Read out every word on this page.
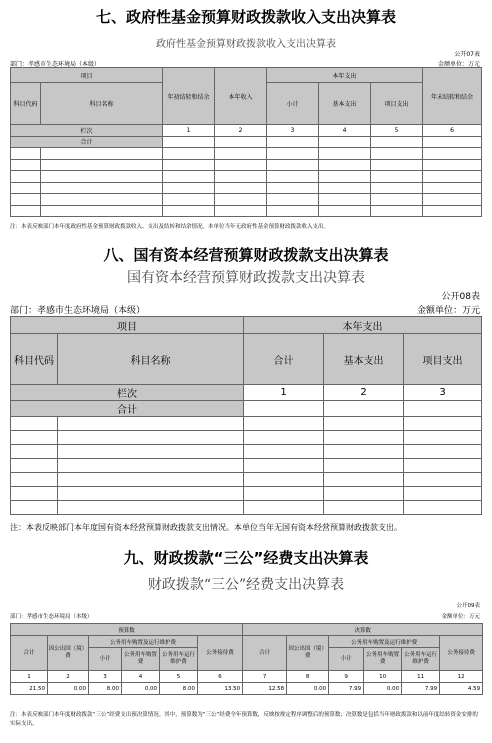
七、政府性基金预算财政拨款收入支出决算表
政府性基金预算财政拨款收入支出决算表
公开07表
部门：孝感市生态环境局（本级）	金额单位：万元
项目		年初结转和结余	本年收入	本年支出			年末结转和结余
科目代码	科目名称			小计	基本支出	项目支出	
栏次		1	2	3	4	5	6
合计							

注：本表反映部门本年度政府性基金预算财政拨款收入、支出及结转和结余情况。本单位当年无政府性基金预算财政拨款收入支出。
八、国有资本经营预算财政拨款支出决算表
国有资本经营预算财政拨款支出决算表
公开08表
部门：孝感市生态环境局（本级）	金额单位：万元
项目		本年支出		
科目代码	科目名称	合计	基本支出	项目支出
栏次		1	2	3
合计				

注：本表反映部门本年度国有资本经营预算财政拨款支出情况。本单位当年无国有资本经营预算财政拨款支出。
九、财政拨款“三公”经费支出决算表
财政拨款“三公”经费支出决算表
公开09表
部门：孝感市生态环境局（本级）	金额单位：万元
预算数						决算数					
合计	因公出国（境）费	公务用车购置及运行维护费			公务接待费	合计	因公出国（境）费	公务用车购置及运行维护费			公务接待费
		小计	公务用车购置费	公务用车运行维护费				小计	公务用车购置费	公务用车运行维护费	
1	2	3	4	5	6	7	8	9	10	11	12
21.50	0.00	8.00	0.00	8.00	13.50	12.58	0.00	7.99	0.00	7.99	4.59
注：本表反映部门本年度财政拨款“三公”经费支出预决算情况。其中，预算数为“三公”经费全年预算数，反映按规定程序调整后的预算数；决算数是包括当年财政拨款和以前年度结转资金安排的实际支出。
